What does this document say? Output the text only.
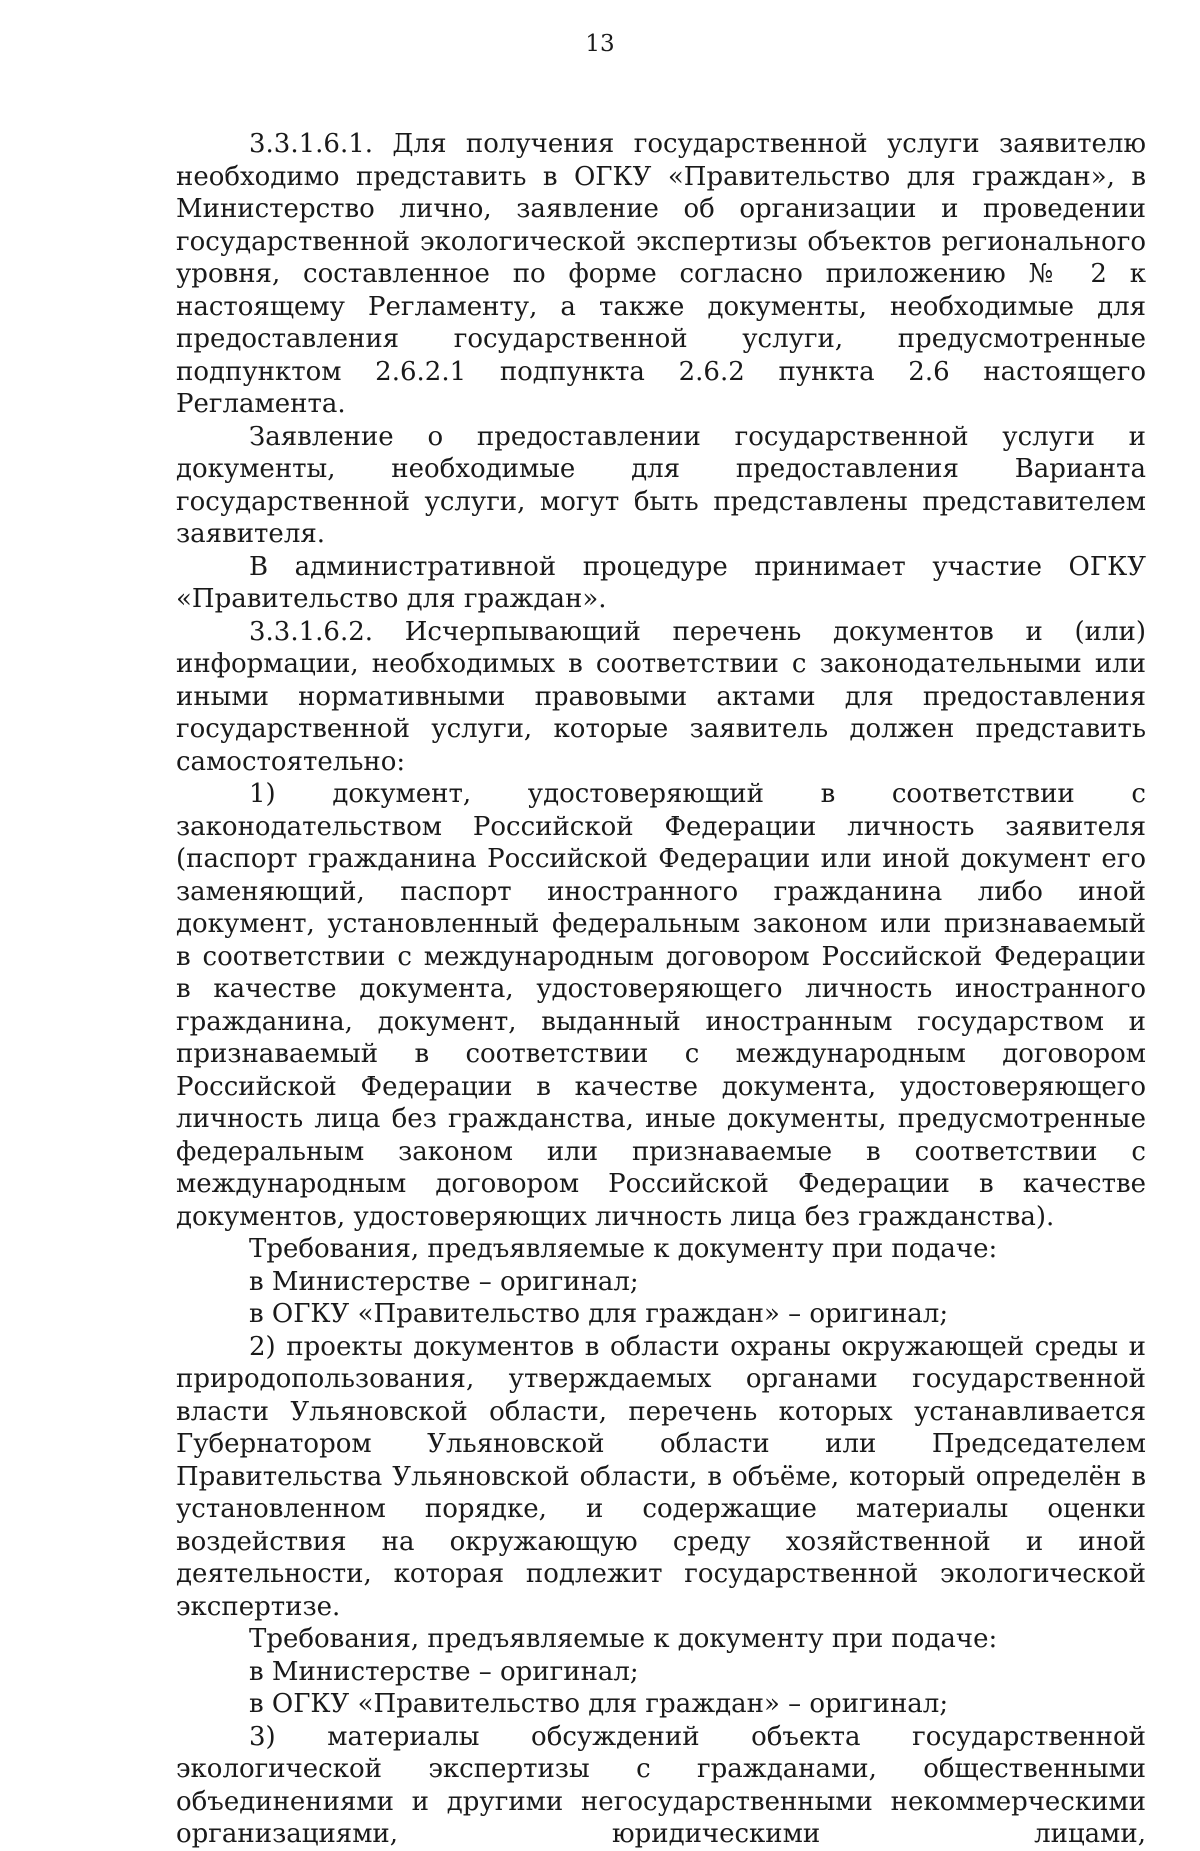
13

3.3.1.6.1. Для получения государственной услуги заявителю необходимо представить в ОГКУ «Правительство для граждан», в Министерство лично, заявление об организации и проведении государственной экологической экспертизы объектов регионального уровня, составленное по форме согласно приложению № 2 к настоящему Регламенту, а также документы, необходимые для предоставления государственной услуги, предусмотренные подпунктом 2.6.2.1 подпункта 2.6.2 пункта 2.6 настоящего Регламента.

Заявление о предоставлении государственной услуги и документы, необходимые для предоставления Варианта государственной услуги, могут быть представлены представителем заявителя.

В административной процедуре принимает участие ОГКУ «Правительство для граждан».

3.3.1.6.2. Исчерпывающий перечень документов и (или) информации, необходимых в соответствии с законодательными или иными нормативными правовыми актами для предоставления государственной услуги, которые заявитель должен представить самостоятельно:

1) документ, удостоверяющий в соответствии с законодательством Российской Федерации личность заявителя (паспорт гражданина Российской Федерации или иной документ его заменяющий, паспорт иностранного гражданина либо иной документ, установленный федеральным законом или признаваемый в соответствии с международным договором Российской Федерации в качестве документа, удостоверяющего личность иностранного гражданина, документ, выданный иностранным государством и признаваемый в соответствии с международным договором Российской Федерации в качестве документа, удостоверяющего личность лица без гражданства, иные документы, предусмотренные федеральным законом или признаваемые в соответствии с международным договором Российской Федерации в качестве документов, удостоверяющих личность лица без гражданства).

Требования, предъявляемые к документу при подаче:

в Министерстве – оригинал;

в ОГКУ «Правительство для граждан» – оригинал;

2) проекты документов в области охраны окружающей среды и природопользования, утверждаемых органами государственной власти Ульяновской области, перечень которых устанавливается Губернатором Ульяновской области или Председателем Правительства Ульяновской области, в объёме, который определён в установленном порядке, и содержащие материалы оценки воздействия на окружающую среду хозяйственной и иной деятельности, которая подлежит государственной экологической экспертизе.

Требования, предъявляемые к документу при подаче:

в Министерстве – оригинал;

в ОГКУ «Правительство для граждан» – оригинал;

3) материалы обсуждений объекта государственной экологической экспертизы с гражданами, общественными объединениями и другими негосударственными некоммерческими организациями, юридическими лицами,
